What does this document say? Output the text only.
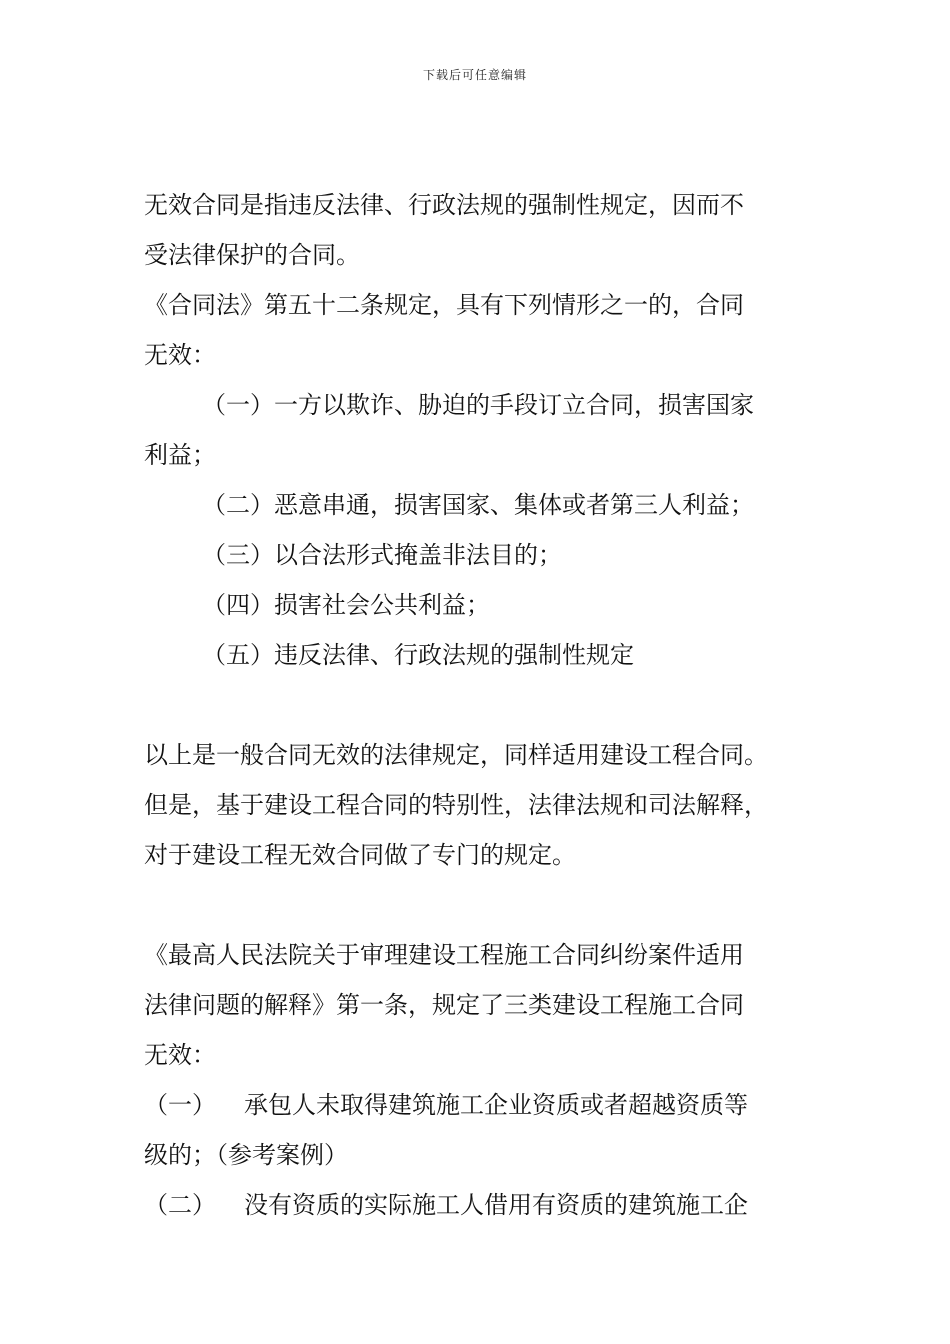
下载后可任意编辑
无效合同是指违反法律、行政法规的强制性规定，因而不
受法律保护的合同。
《合同法》第五十二条规定，具有下列情形之一的，合同
无效：
（一）一方以欺诈、胁迫的手段订立合同，损害国家
利益；
（二）恶意串通，损害国家、集体或者第三人利益；
（三）以合法形式掩盖非法目的；
（四）损害社会公共利益；
（五）违反法律、行政法规的强制性规定
以上是一般合同无效的法律规定，同样适用建设工程合同。
但是，基于建设工程合同的特别性，法律法规和司法解释，
对于建设工程无效合同做了专门的规定。
《最高人民法院关于审理建设工程施工合同纠纷案件适用
法律问题的解释》第一条，规定了三类建设工程施工合同
无效：
（一） 承包人未取得建筑施工企业资质或者超越资质等
级的；（参考案例）
（二） 没有资质的实际施工人借用有资质的建筑施工企
